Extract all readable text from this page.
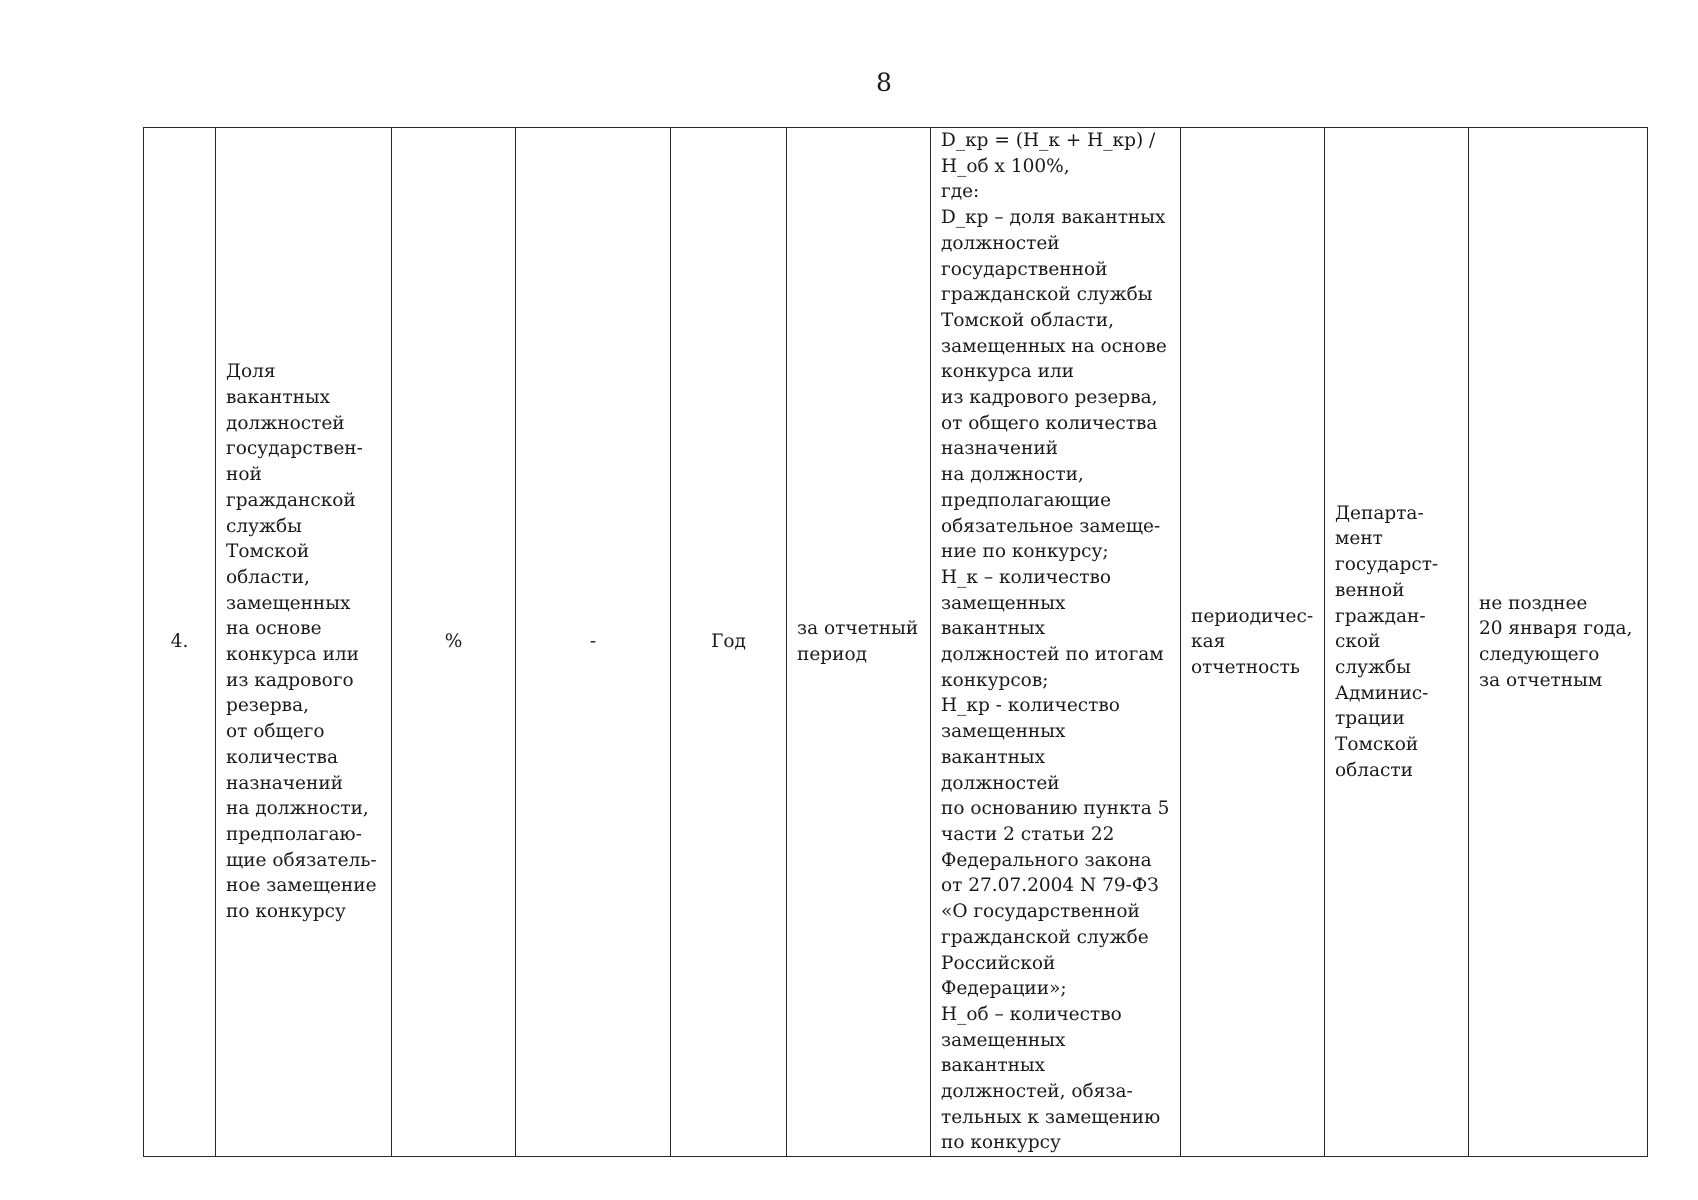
8
4.	Доля вакантных
должностей
государствен-
ной
гражданской
службы
Томской
области,
замещенных
на основе
конкурса или
из кадрового
резерва,
от общего
количества
назначений
на должности,
предполагаю-
щие обязатель-
ное замещение
по конкурсу	%	-	Год	за отчетный
период	D_кр = (Н_к + Н_кр) /
Н_об x 100%,
где:
D_кр – доля вакантных
должностей
государственной
гражданской службы
Томской области,
замещенных на основе
конкурса или
из кадрового резерва,
от общего количества
назначений
на должности,
предполагающие
обязательное замеще-
ние по конкурсу;
Н_к – количество
замещенных вакантных
должностей по итогам
конкурсов;
Н_кр - количество
замещенных вакантных
должностей
по основанию пункта 5
части 2 статьи 22
Федерального закона
от 27.07.2004 N 79-ФЗ
«О государственной
гражданской службе
Российской
Федерации»;
Н_об – количество
замещенных вакантных
должностей, обяза-
тельных к замещению
по конкурсу	периодичес-
кая
отчетность	Департа-
мент
государст-
венной
граждан-
ской
службы
Админис-
трации
Томской
области	не позднее
20 января года,
следующего
за отчетным
